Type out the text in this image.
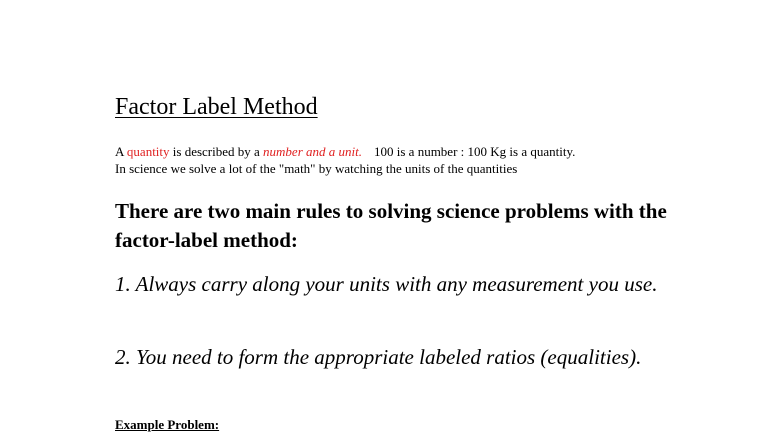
Factor Label Method
A quantity is described by a number and a unit. 100 is a number : 100 Kg is a quantity.
In science we solve a lot of the "math" by watching the units of the quantities
There are two main rules to solving science problems with the factor-label method:
1. Always carry along your units with any measurement you use.
2. You need to form the appropriate labeled ratios (equalities).
Example Problem:
